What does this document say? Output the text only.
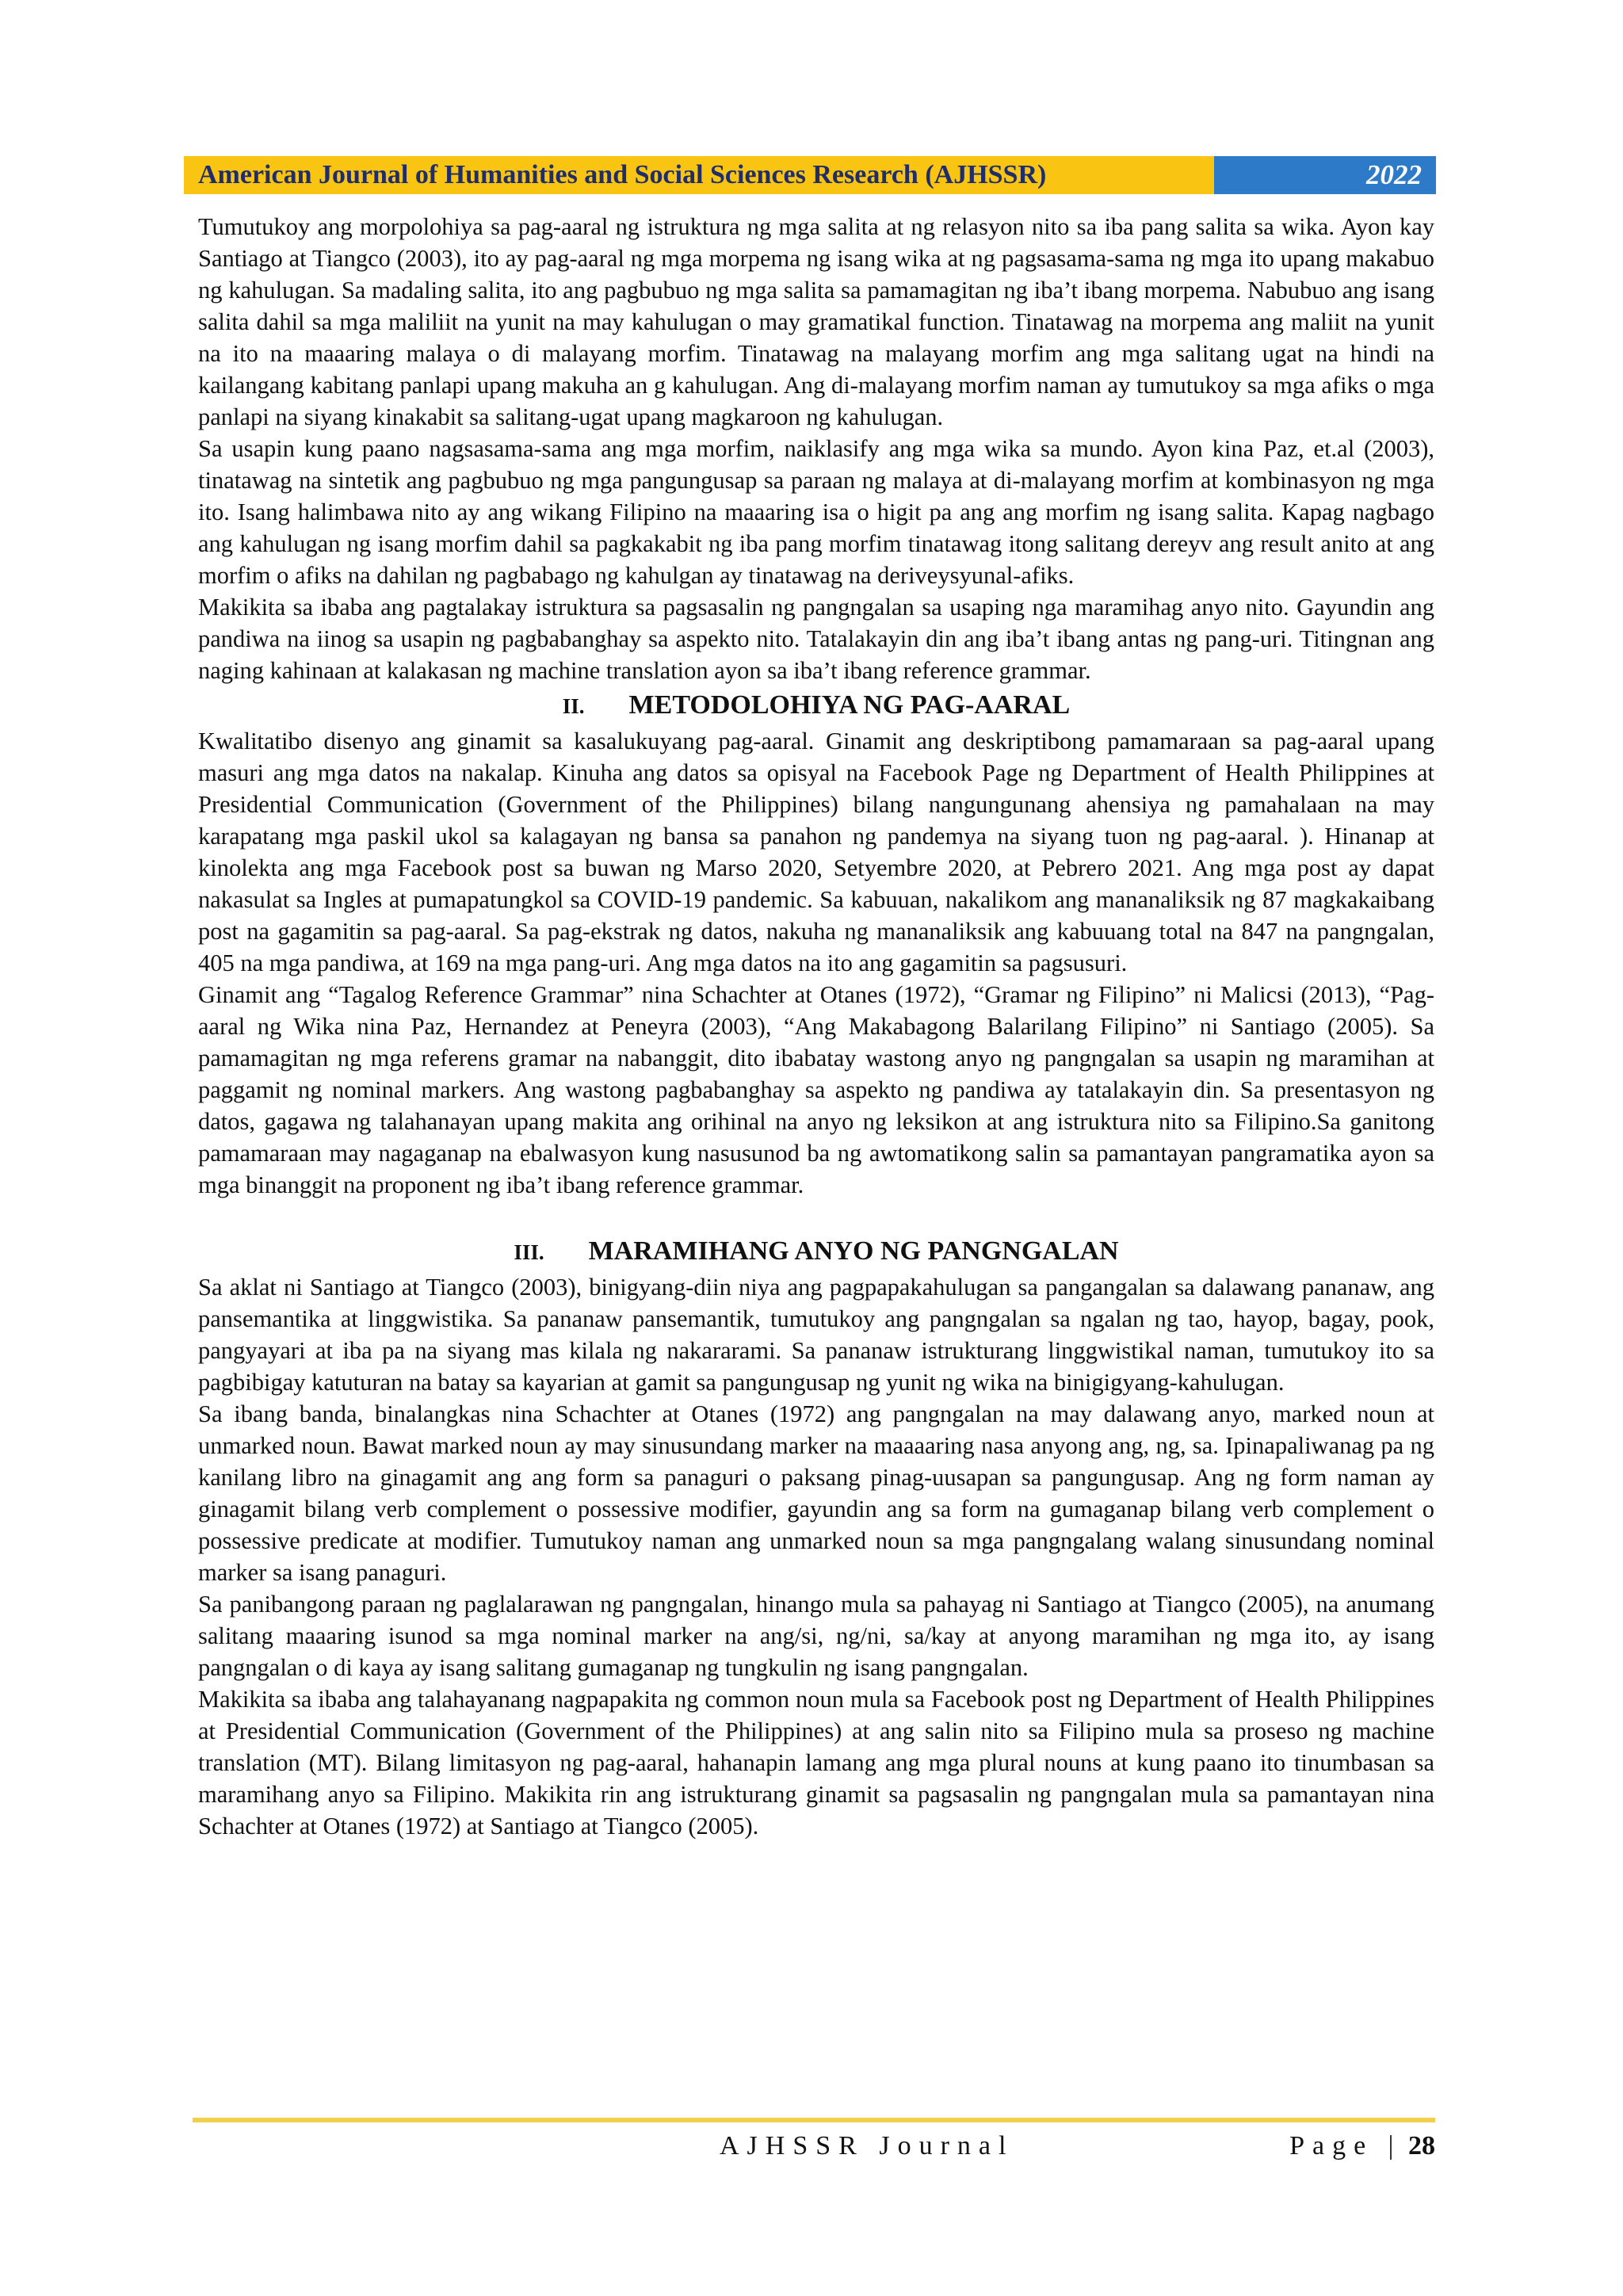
American Journal of Humanities and Social Sciences Research (AJHSSR)	2022

Tumutukoy ang morpolohiya sa pag-aaral ng istruktura ng mga salita at ng relasyon nito sa iba pang salita sa wika. Ayon kay Santiago at Tiangco (2003), ito ay pag-aaral ng mga morpema ng isang wika at ng pagsasama-sama ng mga ito upang makabuo ng kahulugan. Sa madaling salita, ito ang pagbubuo ng mga salita sa pamamagitan ng iba’t ibang morpema. Nabubuo ang isang salita dahil sa mga maliliit na yunit na may kahulugan o may gramatikal function. Tinatawag na morpema ang maliit na yunit na ito na maaaring malaya o di malayang morfim. Tinatawag na malayang morfim ang mga salitang ugat na hindi na kailangang kabitang panlapi upang makuha an g kahulugan. Ang di-malayang morfim naman ay tumutukoy sa mga afiks o mga panlapi na siyang kinakabit sa salitang-ugat upang magkaroon ng kahulugan.

Sa usapin kung paano nagsasama-sama ang mga morfim, naiklasify ang mga wika sa mundo. Ayon kina Paz, et.al (2003), tinatawag na sintetik ang pagbubuo ng mga pangungusap sa paraan ng malaya at di-malayang morfim at kombinasyon ng mga ito. Isang halimbawa nito ay ang wikang Filipino na maaaring isa o higit pa ang ang morfim ng isang salita. Kapag nagbago ang kahulugan ng isang morfim dahil sa pagkakabit ng iba pang morfim tinatawag itong salitang dereyv ang result anito at ang morfim o afiks na dahilan ng pagbabago ng kahulgan ay tinatawag na deriveysyunal-afiks.

Makikita sa ibaba ang pagtalakay istruktura sa pagsasalin ng pangngalan sa usaping nga maramihag anyo nito. Gayundin ang pandiwa na iinog sa usapin ng pagbabanghay sa aspekto nito. Tatalakayin din ang iba’t ibang antas ng pang-uri. Titingnan ang naging kahinaan at kalakasan ng machine translation ayon sa iba’t ibang reference grammar.

II. METODOLOHIYA NG PAG-AARAL

Kwalitatibo disenyo ang ginamit sa kasalukuyang pag-aaral. Ginamit ang deskriptibong pamamaraan sa pag-aaral upang masuri ang mga datos na nakalap. Kinuha ang datos sa opisyal na Facebook Page ng Department of Health Philippines at Presidential Communication (Government of the Philippines) bilang nangungunang ahensiya ng pamahalaan na may karapatang mga paskil ukol sa kalagayan ng bansa sa panahon ng pandemya na siyang tuon ng pag-aaral. ). Hinanap at kinolekta ang mga Facebook post sa buwan ng Marso 2020, Setyembre 2020, at Pebrero 2021. Ang mga post ay dapat nakasulat sa Ingles at pumapatungkol sa COVID-19 pandemic. Sa kabuuan, nakalikom ang mananaliksik ng 87 magkakaibang post na gagamitin sa pag-aaral. Sa pag-ekstrak ng datos, nakuha ng mananaliksik ang kabuuang total na 847 na pangngalan, 405 na mga pandiwa, at 169 na mga pang-uri. Ang mga datos na ito ang gagamitin sa pagsusuri.

Ginamit ang “Tagalog Reference Grammar” nina Schachter at Otanes (1972), “Gramar ng Filipino” ni Malicsi (2013), “Pag-aaral ng Wika nina Paz, Hernandez at Peneyra (2003), “Ang Makabagong Balarilang Filipino” ni Santiago (2005). Sa pamamagitan ng mga referens gramar na nabanggit, dito ibabatay wastong anyo ng pangngalan sa usapin ng maramihan at paggamit ng nominal markers. Ang wastong pagbabanghay sa aspekto ng pandiwa ay tatalakayin din. Sa presentasyon ng datos, gagawa ng talahanayan upang makita ang orihinal na anyo ng leksikon at ang istruktura nito sa Filipino.Sa ganitong pamamaraan may nagaganap na ebalwasyon kung nasusunod ba ng awtomatikong salin sa pamantayan pangramatika ayon sa mga binanggit na proponent ng iba’t ibang reference grammar.

III. MARAMIHANG ANYO NG PANGNGALAN

Sa aklat ni Santiago at Tiangco (2003), binigyang-diin niya ang pagpapakahulugan sa pangangalan sa dalawang pananaw, ang pansemantika at linggwistika. Sa pananaw pansemantik, tumutukoy ang pangngalan sa ngalan ng tao, hayop, bagay, pook, pangyayari at iba pa na siyang mas kilala ng nakararami. Sa pananaw istrukturang linggwistikal naman, tumutukoy ito sa pagbibigay katuturan na batay sa kayarian at gamit sa pangungusap ng yunit ng wika na binigigyang-kahulugan.

Sa ibang banda, binalangkas nina Schachter at Otanes (1972) ang pangngalan na may dalawang anyo, marked noun at unmarked noun. Bawat marked noun ay may sinusundang marker na maaaaring nasa anyong ang, ng, sa. Ipinapaliwanag pa ng kanilang libro na ginagamit ang ang form sa panaguri o paksang pinag-uusapan sa pangungusap. Ang ng form naman ay ginagamit bilang verb complement o possessive modifier, gayundin ang sa form na gumaganap bilang verb complement o possessive predicate at modifier. Tumutukoy naman ang unmarked noun sa mga pangngalang walang sinusundang nominal marker sa isang panaguri.

Sa panibangong paraan ng paglalarawan ng pangngalan, hinango mula sa pahayag ni Santiago at Tiangco (2005), na anumang salitang maaaring isunod sa mga nominal marker na ang/si, ng/ni, sa/kay at anyong maramihan ng mga ito, ay isang pangngalan o di kaya ay isang salitang gumaganap ng tungkulin ng isang pangngalan.

Makikita sa ibaba ang talahayanang nagpapakita ng common noun mula sa Facebook post ng Department of Health Philippines at Presidential Communication (Government of the Philippines) at ang salin nito sa Filipino mula sa proseso ng machine translation (MT). Bilang limitasyon ng pag-aaral, hahanapin lamang ang mga plural nouns at kung paano ito tinumbasan sa maramihang anyo sa Filipino. Makikita rin ang istrukturang ginamit sa pagsasalin ng pangngalan mula sa pamantayan nina Schachter at Otanes (1972) at Santiago at Tiangco (2005).

AJHSSR Journal	Page | 28
